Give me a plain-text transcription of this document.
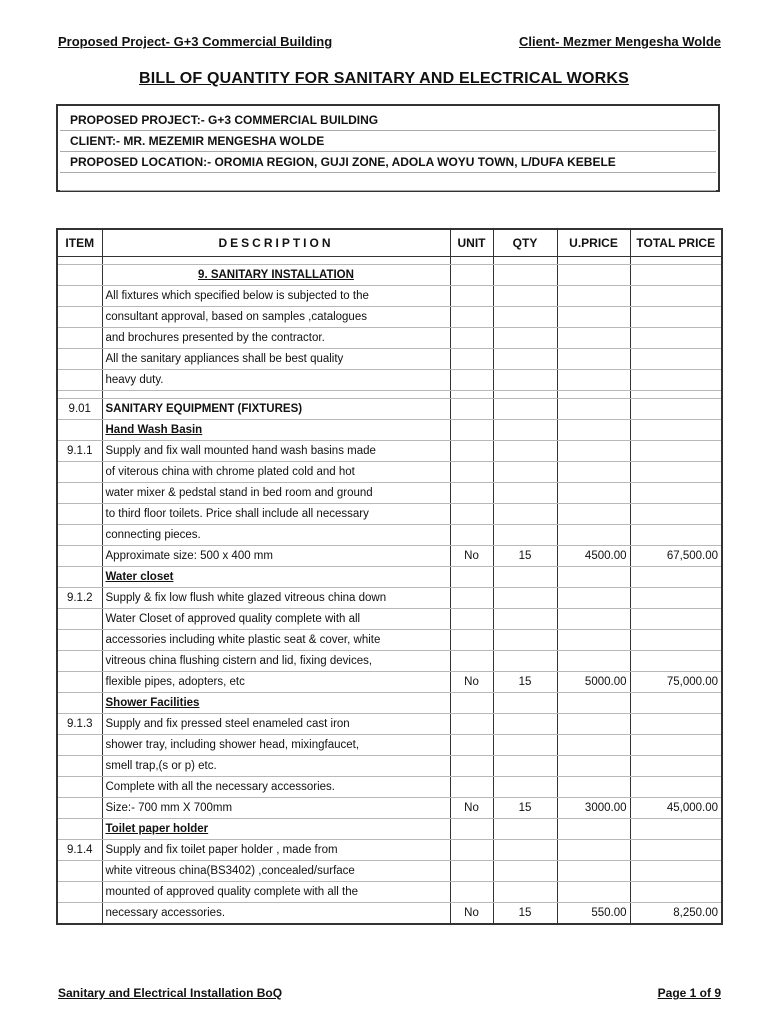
Proposed Project- G+3 Commercial Building	Client- Mezmer Mengesha Wolde
BILL OF QUANTITY FOR SANITARY AND ELECTRICAL WORKS
PROPOSED PROJECT:- G+3 COMMERCIAL BUILDING
CLIENT:- MR. MEZEMIR MENGESHA WOLDE
PROPOSED LOCATION:- OROMIA REGION, GUJI ZONE, ADOLA WOYU TOWN, L/DUFA KEBELE
ITEM	DESCRIPTION	UNIT	QTY	U.PRICE	TOTAL PRICE

	9. SANITARY INSTALLATION				
	All fixtures which specified below is subjected to the				
	consultant approval, based on samples ,catalogues				
	and brochures presented by the contractor.				
	All the sanitary appliances shall be best quality				
	heavy duty.				

9.01	SANITARY EQUIPMENT (FIXTURES)				
	Hand Wash Basin				
9.1.1	Supply and fix wall mounted hand wash basins made				
	of viterous china with chrome plated cold and hot				
	water mixer & pedstal stand in bed room and ground				
	to third floor toilets. Price shall include all necessary				
	connecting pieces.				
	Approximate size: 500 x 400 mm	No	15	4500.00	67,500.00
	Water closet				
9.1.2	Supply & fix low flush white glazed vitreous china down				
	Water Closet of approved quality complete with all				
	accessories including white plastic seat & cover, white				
	vitreous china flushing cistern and lid, fixing devices,				
	flexible pipes, adopters, etc	No	15	5000.00	75,000.00
	Shower Facilities				
9.1.3	Supply and fix pressed steel enameled cast iron				
	shower tray, including shower head, mixingfaucet,				
	smell trap,(s or p) etc.				
	Complete with all the necessary accessories.				
	Size:- 700 mm X 700mm	No	15	3000.00	45,000.00
	Toilet paper holder				
9.1.4	Supply and fix toilet paper holder , made from				
	white vitreous china(BS3402) ,concealed/surface				
	mounted of approved quality complete with all the				
	necessary accessories.	No	15	550.00	8,250.00
Sanitary and Electrical Installation BoQ	Page 1 of 9
